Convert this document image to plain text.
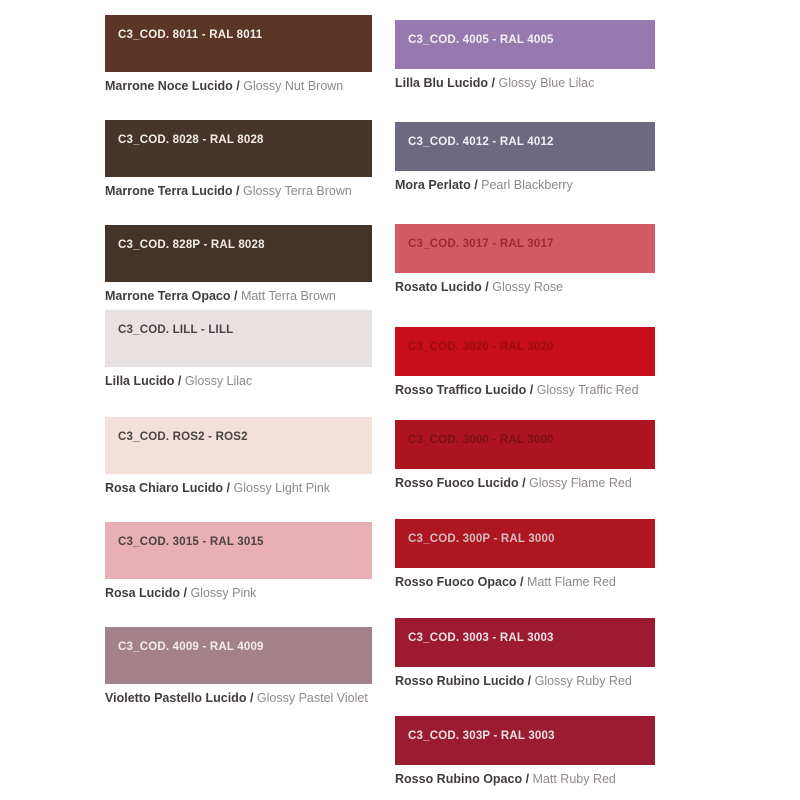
C3_COD. 8011 - RAL 8011
Marrone Noce Lucido / Glossy Nut Brown
C3_COD. 8028 - RAL 8028
Marrone Terra Lucido / Glossy Terra Brown
C3_COD. 828P - RAL 8028
Marrone Terra Opaco / Matt Terra Brown
C3_COD. LILL - LILL
Lilla Lucido / Glossy Lilac
C3_COD. ROS2 - ROS2
Rosa Chiaro Lucido / Glossy Light Pink
C3_COD. 3015 - RAL 3015
Rosa Lucido / Glossy Pink
C3_COD. 4009 - RAL 4009
Violetto Pastello Lucido / Glossy Pastel Violet
C3_COD. 4005 - RAL 4005
Lilla Blu Lucido / Glossy Blue Lilac
C3_COD. 4012 - RAL 4012
Mora Perlato / Pearl Blackberry
C3_COD. 3017 - RAL 3017
Rosato Lucido / Glossy Rose
C3_COD. 3020 - RAL 3020
Rosso Traffico Lucido / Glossy Traffic Red
C3_COD. 3000 - RAL 3000
Rosso Fuoco Lucido / Glossy Flame Red
C3_COD. 300P - RAL 3000
Rosso Fuoco Opaco / Matt Flame Red
C3_COD. 3003 - RAL 3003
Rosso Rubino Lucido / Glossy Ruby Red
C3_COD. 303P - RAL 3003
Rosso Rubino Opaco / Matt Ruby Red
